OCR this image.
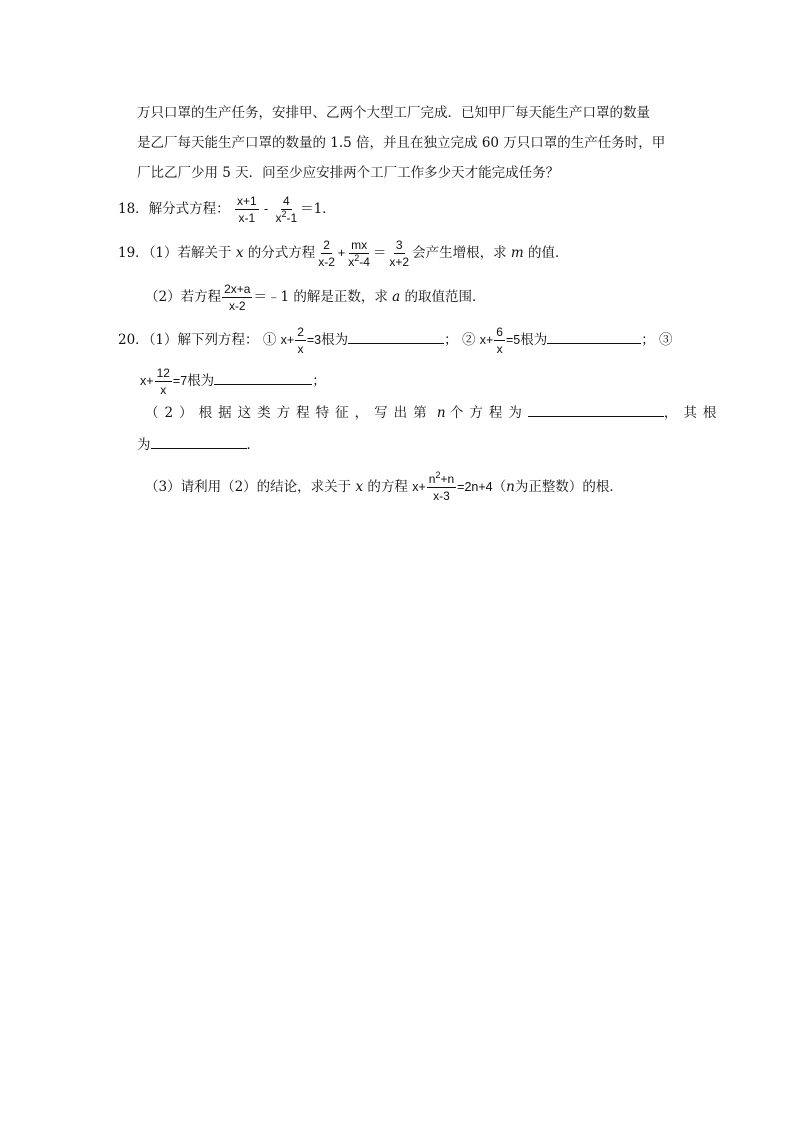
万只口罩的生产任务，安排甲、乙两个大型工厂完成．已知甲厂每天能生产口罩的数量
是乙厂每天能生产口罩的数量的 1.5 倍，并且在独立完成 60 万只口罩的生产任务时，甲
厂比乙厂少用 5 天．问至少应安排两个工厂工作多少天才能完成任务？
18．解分式方程： $\frac{x+1}{x-1} - \frac{4}{x^2-1} =1$．
19．（1）若解关于 x 的分式方程 $\frac{2}{x-2} + \frac{mx}{x^2-4} = \frac{3}{x+2}$ 会产生增根，求 m 的值．
（2）若方程 $\frac{2x+a}{x-2}$ ＝﹣1 的解是正数，求 a 的取值范围．
20．（1）解下列方程： ① $x+ \frac{2}{x} =3$根为	； ② $x+ \frac{6}{x} =5$根为	； ③
$x+ \frac{12}{x} =7$根为	；
（2）根据这类方程特征，写出第 n 个方程为	，其根
为	．
（3）请利用（2）的结论，求关于 x 的方程 $x+ \frac{n^2+n}{x-3} =2n+4(n$为正整数）的根．
